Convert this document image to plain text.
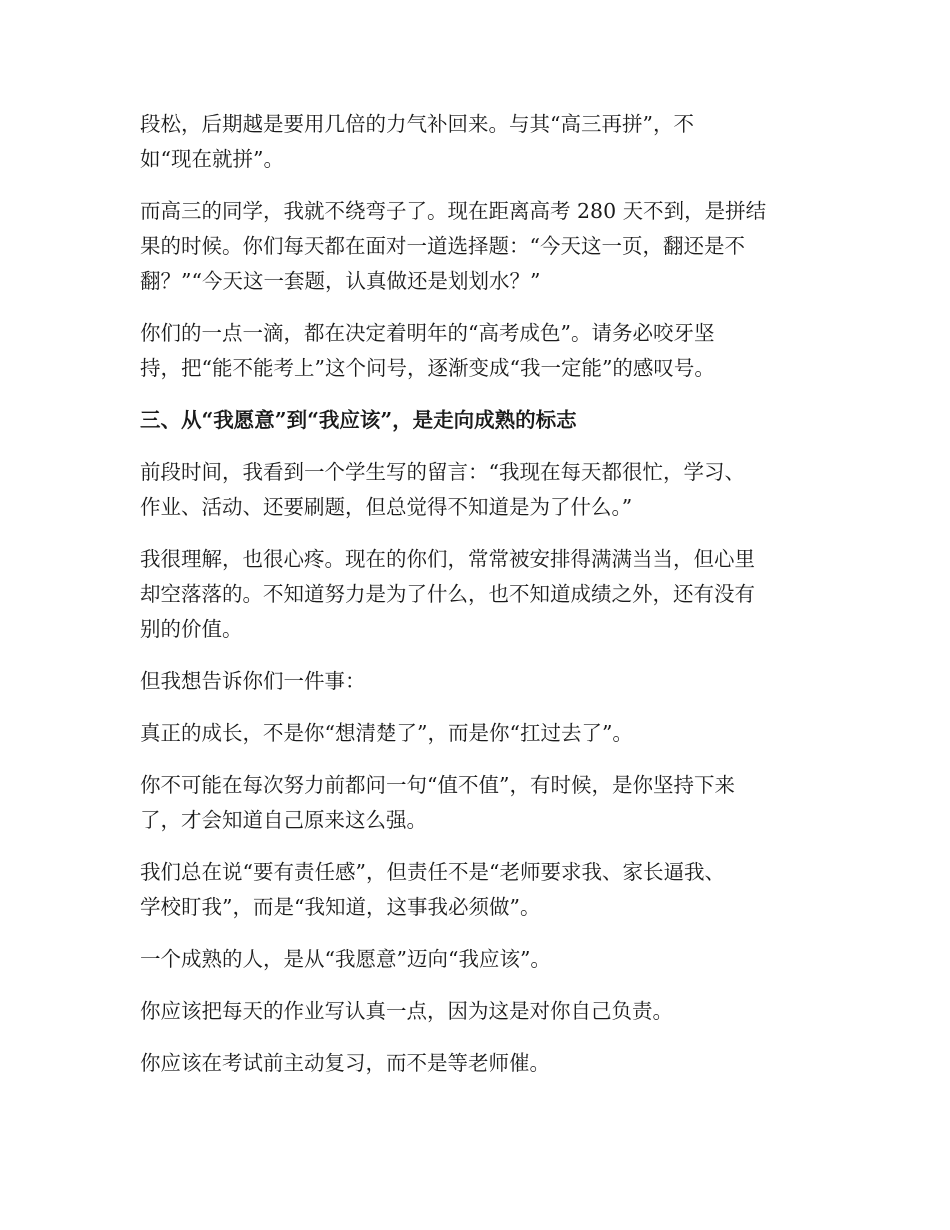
段松，后期越是要用几倍的力气补回来。与其“高三再拼”，不
如“现在就拼”。
而高三的同学，我就不绕弯子了。现在距离高考 280 天不到，是拼结
果的时候。你们每天都在面对一道选择题：“今天这一页，翻还是不
翻？”“今天这一套题，认真做还是划划水？”
你们的一点一滴，都在决定着明年的“高考成色”。请务必咬牙坚
持，把“能不能考上”这个问号，逐渐变成“我一定能”的感叹号。
三、从“我愿意”到“我应该”，是走向成熟的标志
前段时间，我看到一个学生写的留言：“我现在每天都很忙，学习、
作业、活动、还要刷题，但总觉得不知道是为了什么。”
我很理解，也很心疼。现在的你们，常常被安排得满满当当，但心里
却空落落的。不知道努力是为了什么，也不知道成绩之外，还有没有
别的价值。
但我想告诉你们一件事：
真正的成长，不是你“想清楚了”，而是你“扛过去了”。
你不可能在每次努力前都问一句“值不值”，有时候，是你坚持下来
了，才会知道自己原来这么强。
我们总在说“要有责任感”，但责任不是“老师要求我、家长逼我、
学校盯我”，而是“我知道，这事我必须做”。
一个成熟的人，是从“我愿意”迈向“我应该”。
你应该把每天的作业写认真一点，因为这是对你自己负责。
你应该在考试前主动复习，而不是等老师催。
